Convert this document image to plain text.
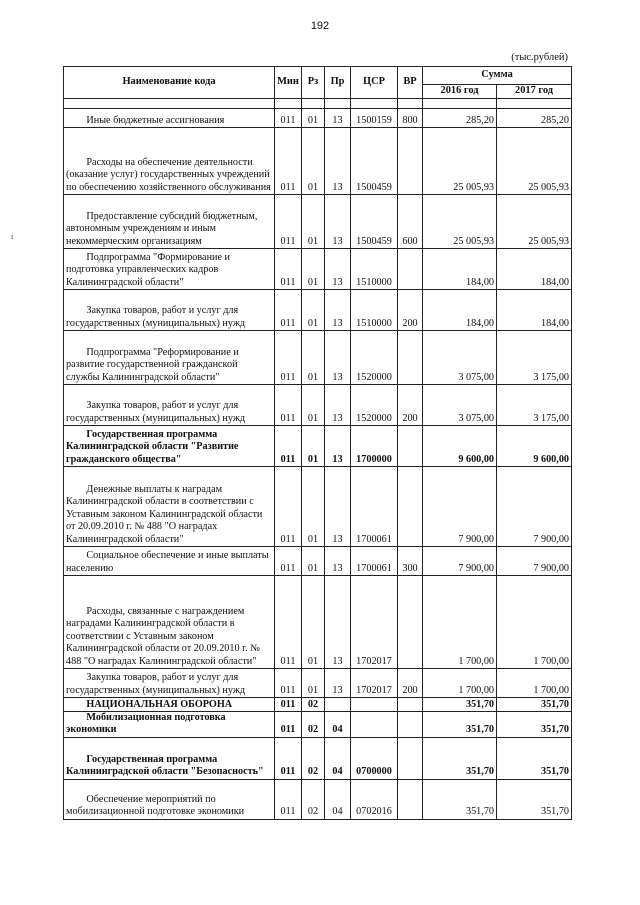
192
(тыс.рублей)
ı
Наименование кода	Мин	Рз	Пр	ЦСР	ВР	Сумма	
						2016 год	2017 год

Иные бюджетные ассигнования	011	01	13	1500159	800	285,20	285,20
Расходы на обеспечение деятельности (оказание услуг) государственных учреждений по обеспечению хозяйственного обслуживания	011	01	13	1500459		25 005,93	25 005,93
Предоставление субсидий бюджетным, автономным учреждениям и иным некоммерческим организациям	011	01	13	1500459	600	25 005,93	25 005,93
Подпрограмма "Формирование и подготовка управленческих кадров Калининградской области"	011	01	13	1510000		184,00	184,00
Закупка товаров, работ и услуг для государственных (муниципальных) нужд	011	01	13	1510000	200	184,00	184,00
Подпрограмма "Реформирование и развитие государственной гражданской службы Калининградской области"	011	01	13	1520000		3 075,00	3 175,00
Закупка товаров, работ и услуг для государственных (муниципальных) нужд	011	01	13	1520000	200	3 075,00	3 175,00
Государственная программа Калининградской области "Развитие гражданского общества"	011	01	13	1700000		9 600,00	9 600,00
Денежные выплаты к наградам Калининградской области в соответствии с Уставным законом Калининградской области от 20.09.2010 г. № 488 "О наградах Калининградской области"	011	01	13	1700061		7 900,00	7 900,00
Социальное обеспечение и иные выплаты населению	011	01	13	1700061	300	7 900,00	7 900,00
Расходы, связанные с награждением наградами Калининградской области в соответствии с Уставным законом Калининградской области от 20.09.2010 г. № 488 "О наградах Калининградской области"	011	01	13	1702017		1 700,00	1 700,00
Закупка товаров, работ и услуг для государственных (муниципальных) нужд	011	01	13	1702017	200	1 700,00	1 700,00
НАЦИОНАЛЬНАЯ ОБОРОНА	011	02				351,70	351,70
Мобилизационная подготовка экономики	011	02	04			351,70	351,70
Государственная программа Калининградской области "Безопасность"	011	02	04	0700000		351,70	351,70
Обеспечение мероприятий по мобилизационной подготовке экономики	011	02	04	0702016		351,70	351,70
